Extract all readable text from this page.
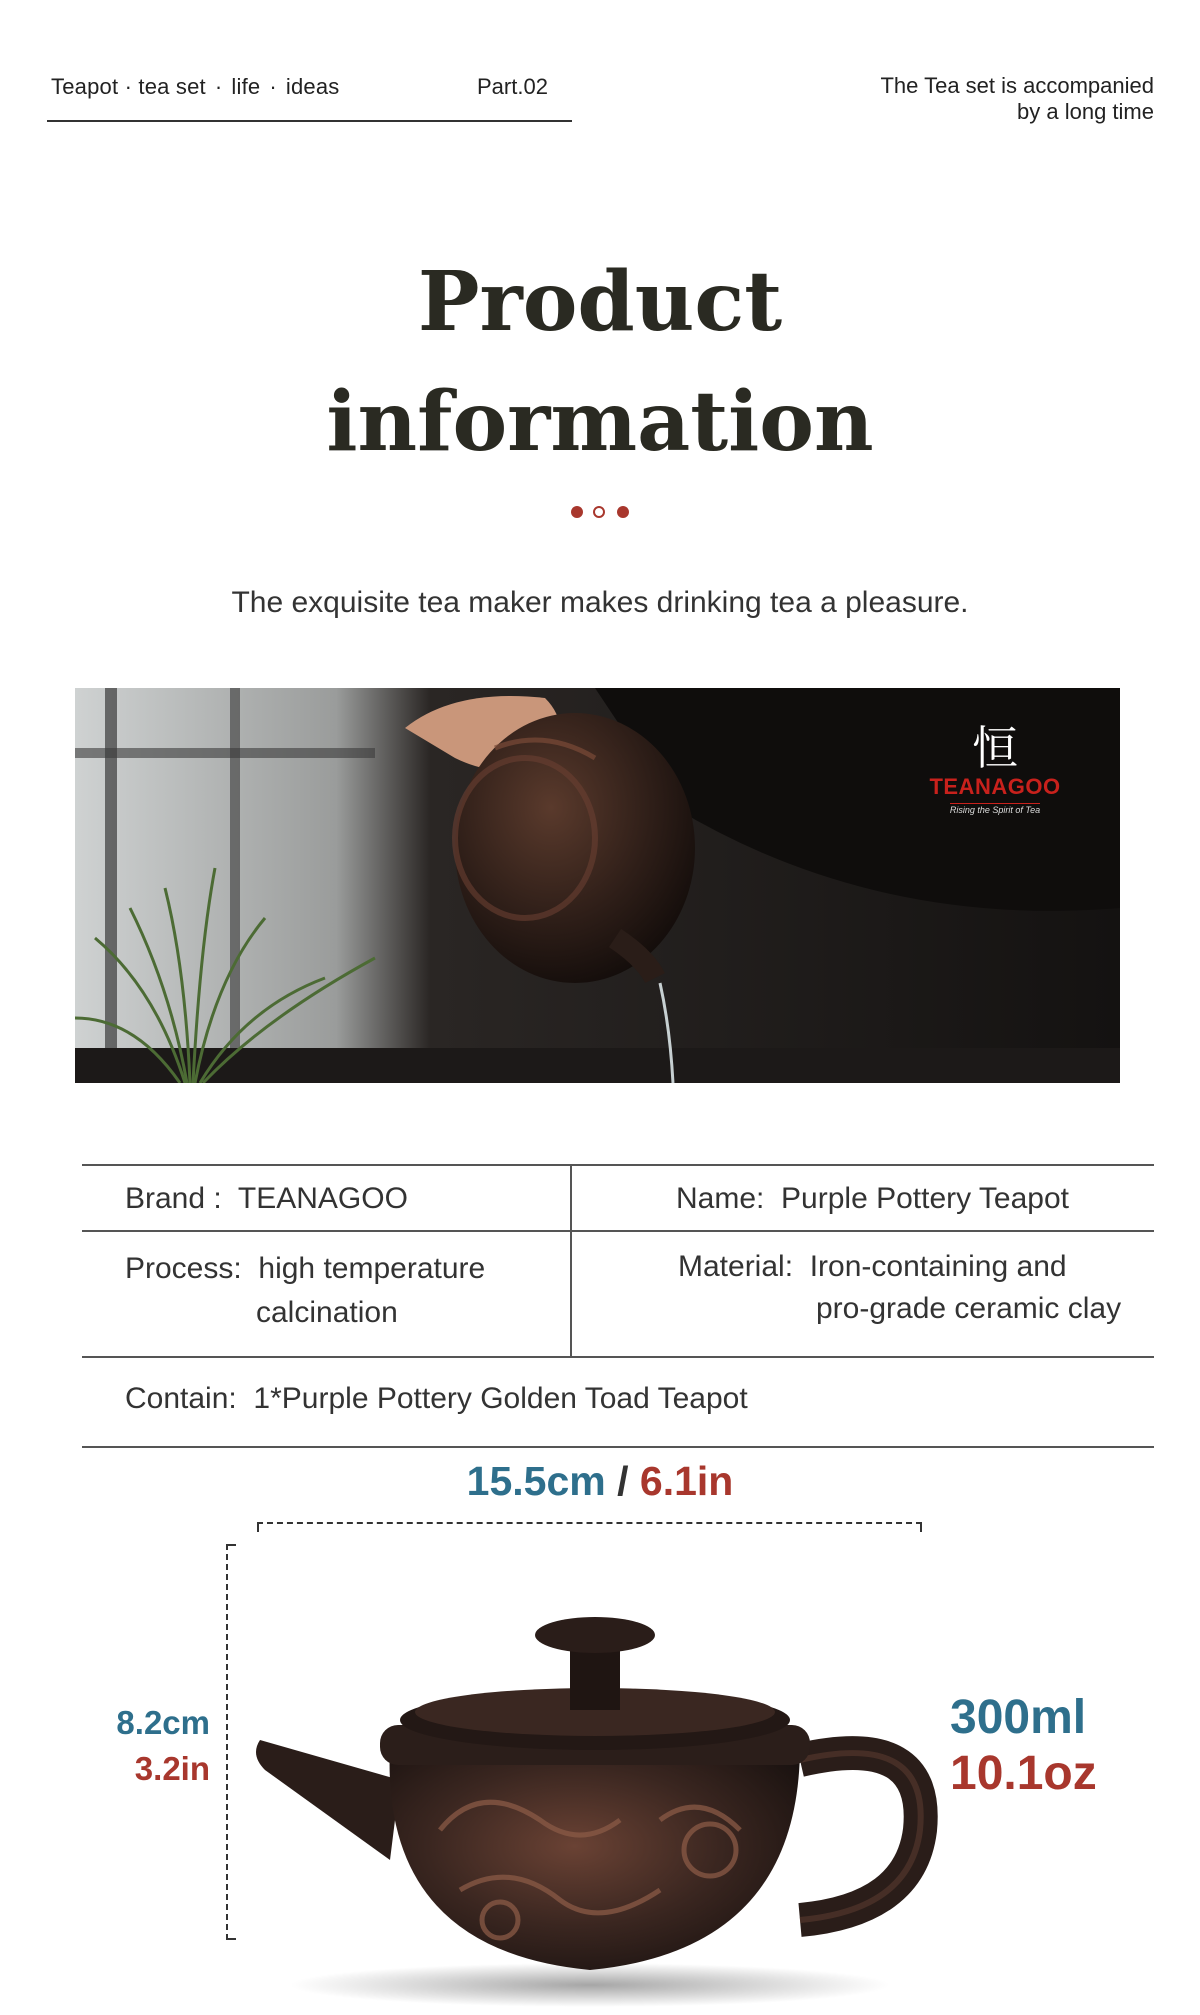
Teapot · tea set · life · ideas	Part.02	The Tea set is accompanied
by a long time
Product
information
The exquisite tea maker makes drinking tea a pleasure.
恒
TEANAGOO
Rising the Spirit of Tea
Brand : TEANAGOO	Name: Purple Pottery Teapot
Process: high temperature
calcination
Material: Iron-containing and
pro-grade ceramic clay
Contain: 1*Purple Pottery Golden Toad Teapot
15.5cm / 6.1in
8.2cm
3.2in
300ml
10.1oz
